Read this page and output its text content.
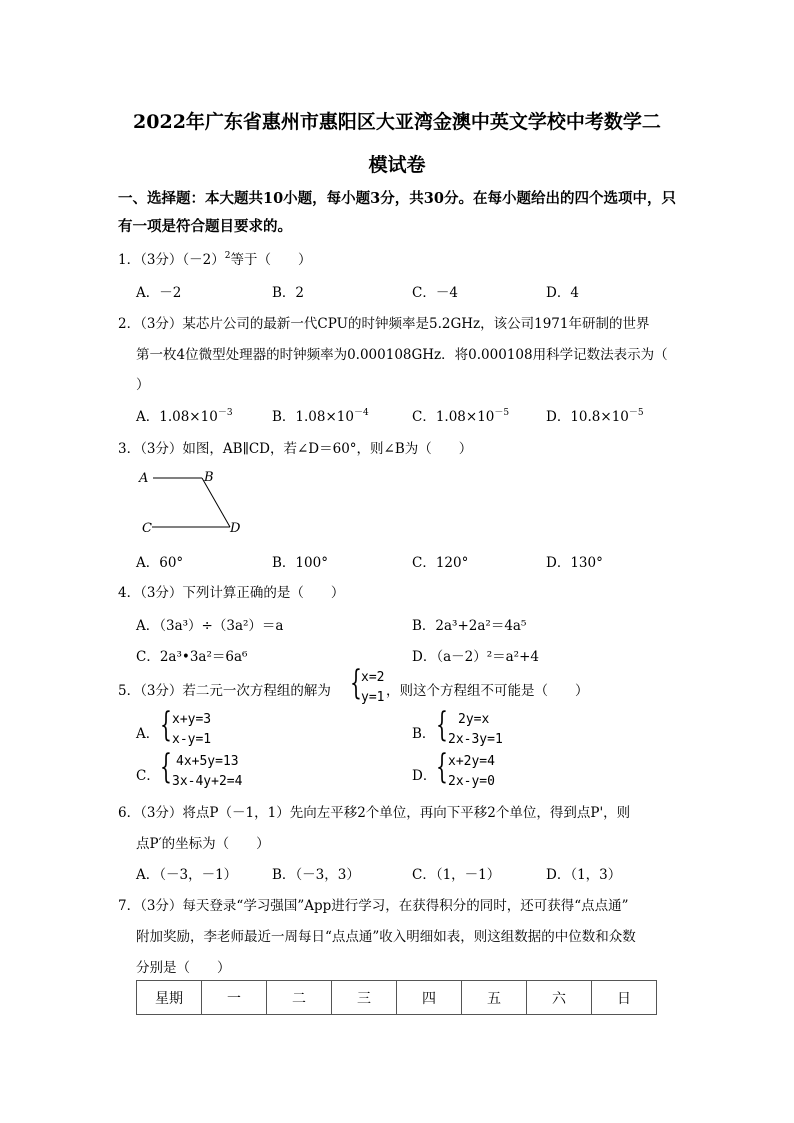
2022年广东省惠州市惠阳区大亚湾金澳中英文学校中考数学二
模试卷
一、选择题：本大题共10小题，每小题3分，共30分。在每小题给出的四个选项中，只
有一项是符合题目要求的。
1．（3分）$(-2)^2$等于（　　）
A．－2	B．2	C．－4	D．4
2．（3分）某芯片公司的最新一代CPU的时钟频率是5.2GHz，该公司1971年研制的世界
第一枚4位微型处理器的时钟频率为0.000108GHz．将0.000108用科学记数法表示为（
）
A．$1.08\times 10^{-3}$	B．$1.08\times 10^{-4}$	C．$1.08\times 10^{-5}$	D．$10.8\times 10^{-5}$
3．（3分）如图，AB∥CD，若∠D＝60°，则∠B为（　　）
A	B
C	D
A．60°	B．100°	C．120°	D．130°
4．（3分）下列计算正确的是（　　）
A．（3a³）÷（3a²）＝a	B．2a³+2a²＝4a⁵
C．2a³•3a²＝6a⁶	D．（a－2）²＝a²+4
5．（3分）若二元一次方程组的解为 { x=2
y=1 ，则这个方程组不可能是（　　）
A． { x+y=3
x-y=1	B． { 2y=x
2x-3y=1
C． { 4x+5y=13
3x-4y+2=4	D． { x+2y=4
2x-y=0
6．（3分）将点P（－1，1）先向左平移2个单位，再向下平移2个单位，得到点P'，则
点P′的坐标为（　　）
A．（－3，－1）	B．（－3，3）	C．（1，－1）	D．（1，3）
7．（3分）每天登录“学习强国”App进行学习，在获得积分的同时，还可获得“点点通”
附加奖励，李老师最近一周每日“点点通”收入明细如表，则这组数据的中位数和众数
分别是（　　）
星期	一	二	三	四	五	六	日
